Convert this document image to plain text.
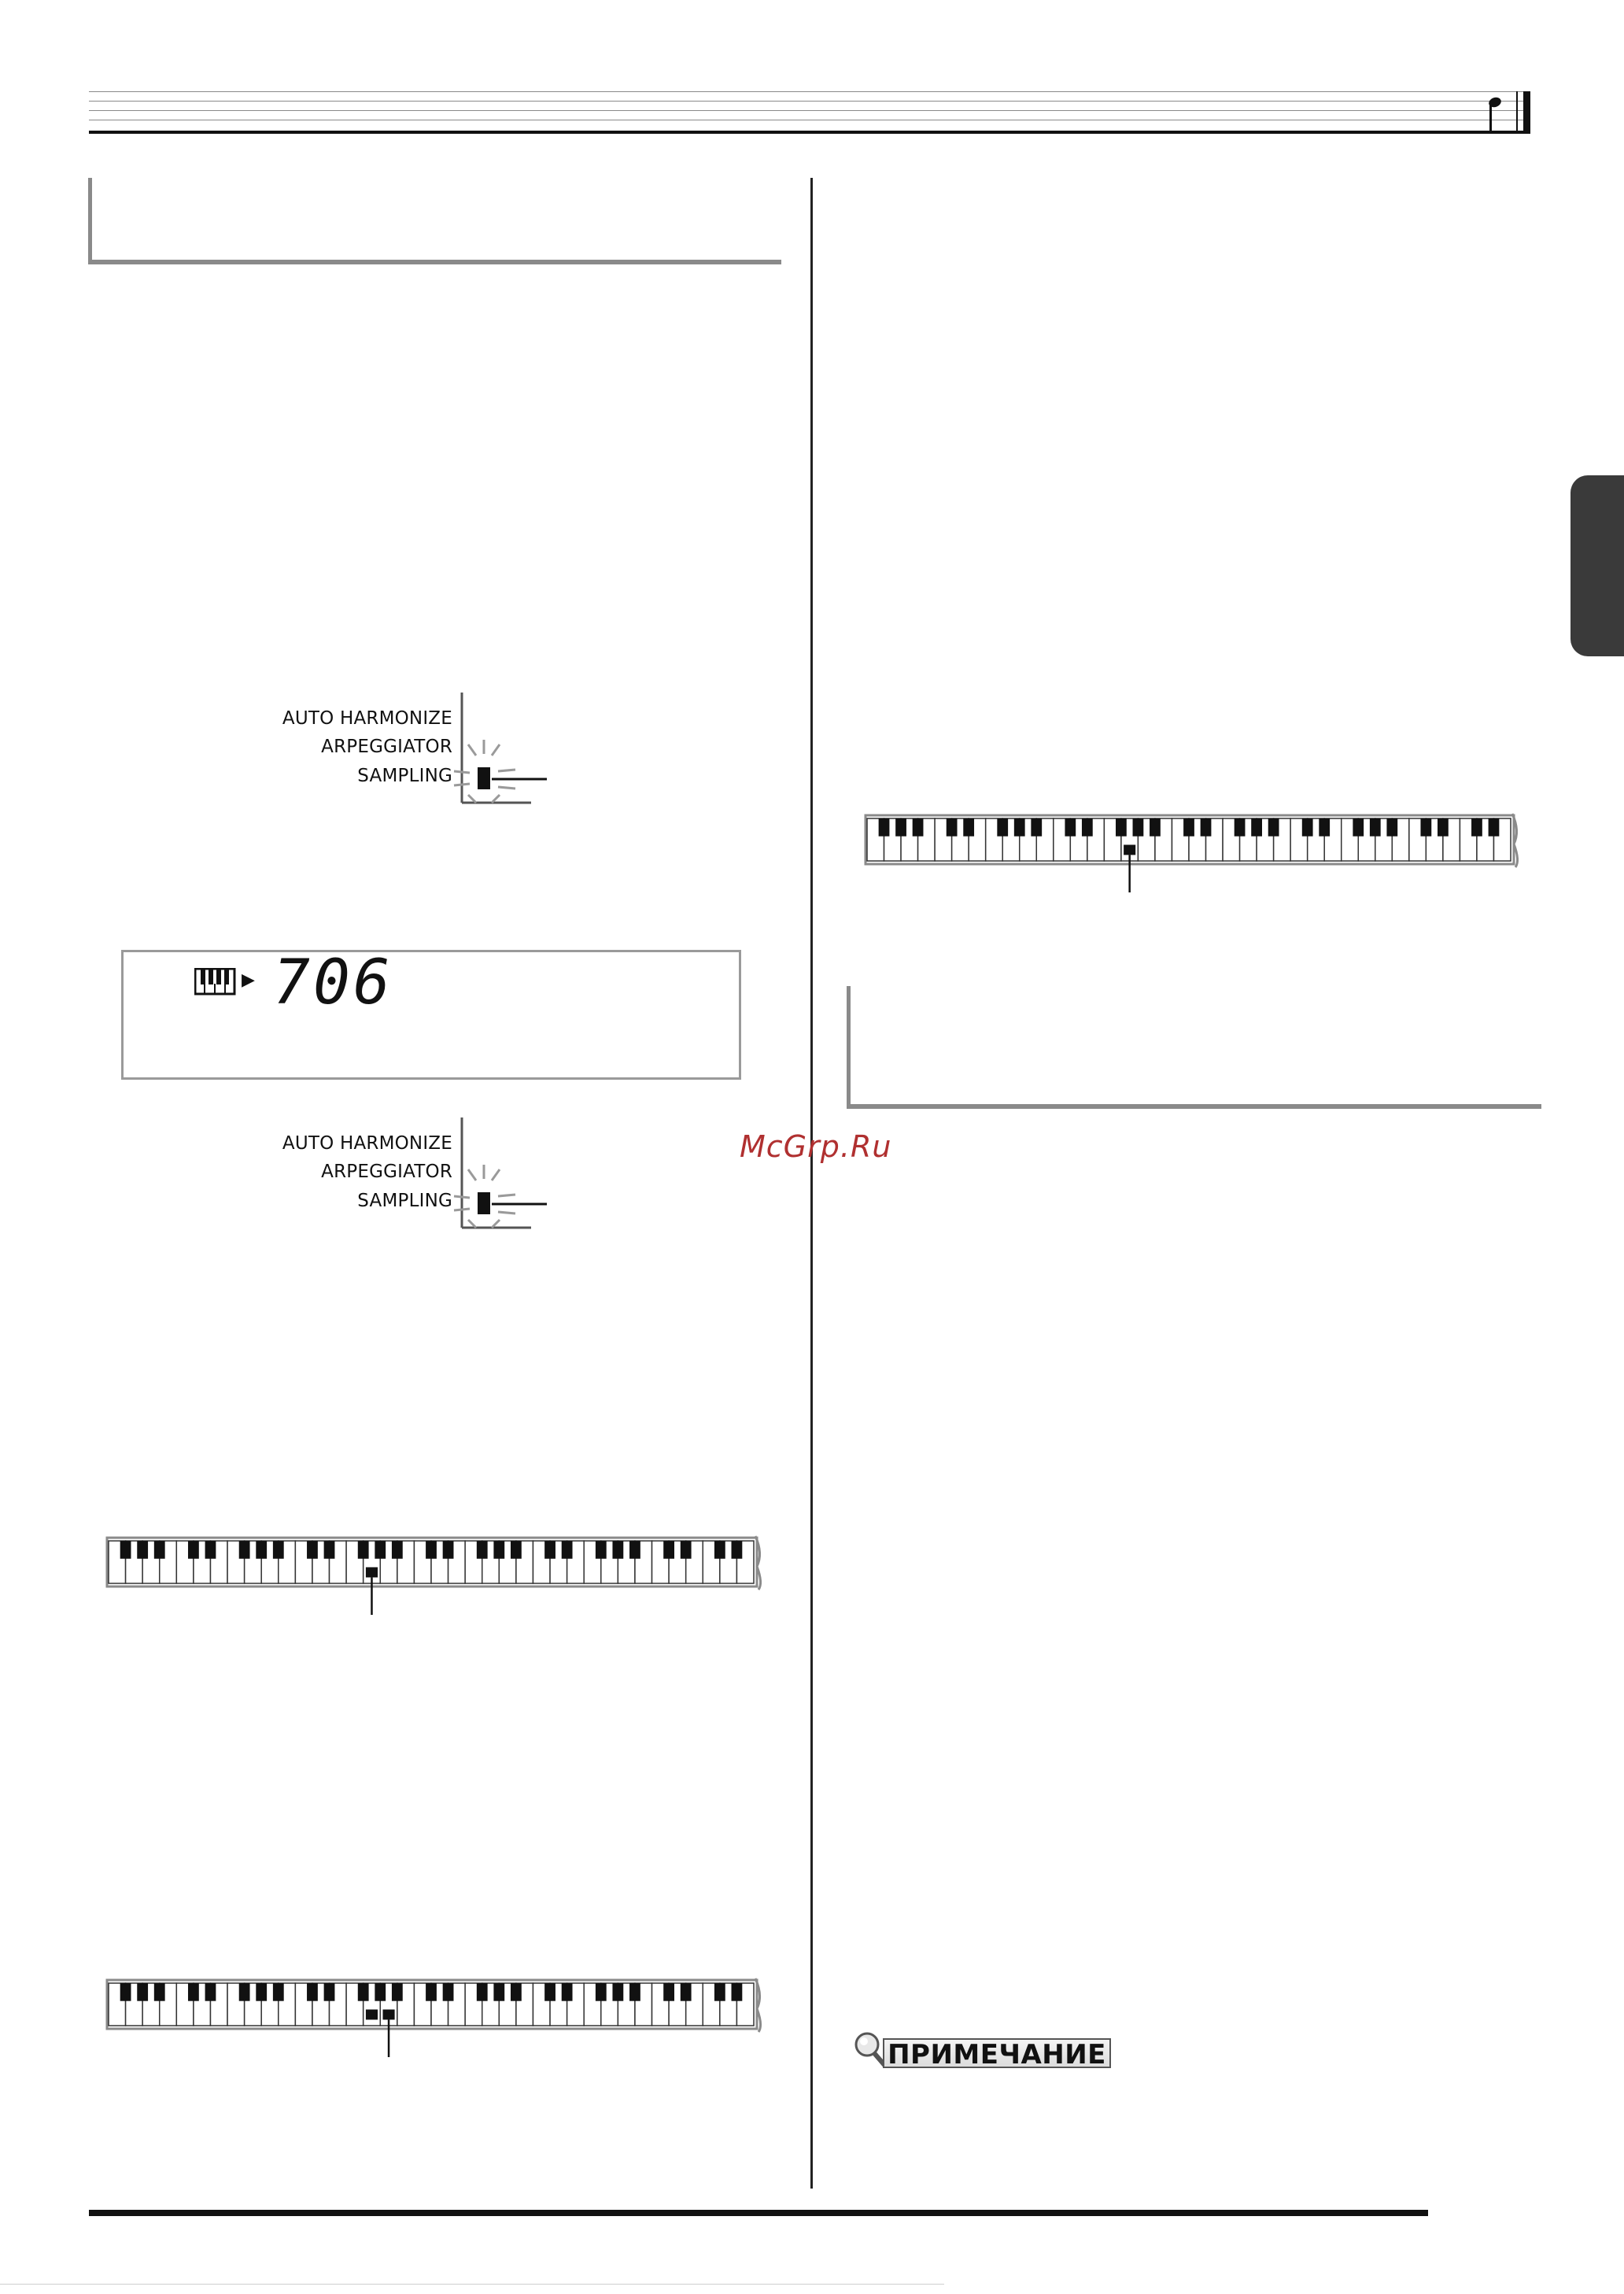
AUTO HARMONIZE
ARPEGGIATOR
SAMPLING
▶ 706
AUTO HARMONIZE
ARPEGGIATOR
SAMPLING
McGrp.Ru
ПРИМЕЧАНИЕ
